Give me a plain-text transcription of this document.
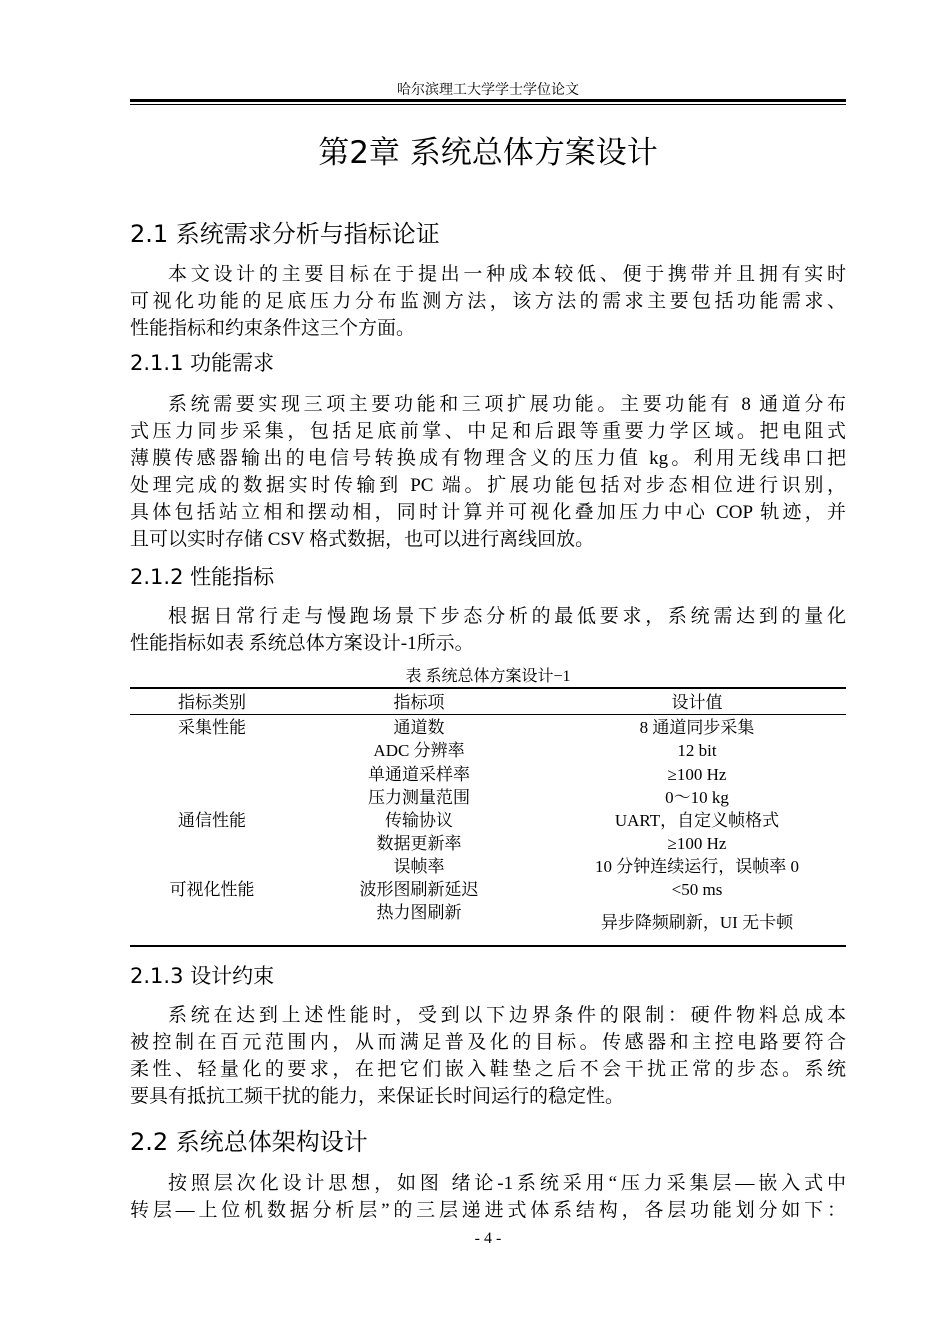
哈尔滨理工大学学士学位论文
第2章 系统总体方案设计
2.1 系统需求分析与指标论证
本文设计的主要目标在于提出一种成本较低、便于携带并且拥有实时
可视化功能的足底压力分布监测方法，该方法的需求主要包括功能需求、
性能指标和约束条件这三个方面。
2.1.1 功能需求
系统需要实现三项主要功能和三项扩展功能。主要功能有 8 通道分布
式压力同步采集，包括足底前掌、中足和后跟等重要力学区域。把电阻式
薄膜传感器输出的电信号转换成有物理含义的压力值 kg。利用无线串口把
处理完成的数据实时传输到 PC 端。扩展功能包括对步态相位进行识别，
具体包括站立相和摆动相，同时计算并可视化叠加压力中心 COP 轨迹，并
且可以实时存储 CSV 格式数据，也可以进行离线回放。
2.1.2 性能指标
根据日常行走与慢跑场景下步态分析的最低要求，系统需达到的量化
性能指标如表 系统总体方案设计-1所示。
表 系统总体方案设计−1
指标类别	指标项	设计值
采集性能
通信性能
可视化性能
通道数
ADC 分辨率
单通道采样率
压力测量范围
传输协议
数据更新率
误帧率
波形图刷新延迟
热力图刷新
8 通道同步采集
12 bit
≥100 Hz
0～10 kg
UART，自定义帧格式
≥100 Hz
10 分钟连续运行，误帧率 0
<50 ms
异步降频刷新，UI 无卡顿
2.1.3 设计约束
系统在达到上述性能时，受到以下边界条件的限制：硬件物料总成本
被控制在百元范围内，从而满足普及化的目标。传感器和主控电路要符合
柔性、轻量化的要求，在把它们嵌入鞋垫之后不会干扰正常的步态。系统
要具有抵抗工频干扰的能力，来保证长时间运行的稳定性。
2.2 系统总体架构设计
按照层次化设计思想，如图 绪论-1系统采用“压力采集层—嵌入式中
转层—上位机数据分析层”的三层递进式体系结构，各层功能划分如下：
- 4 -
